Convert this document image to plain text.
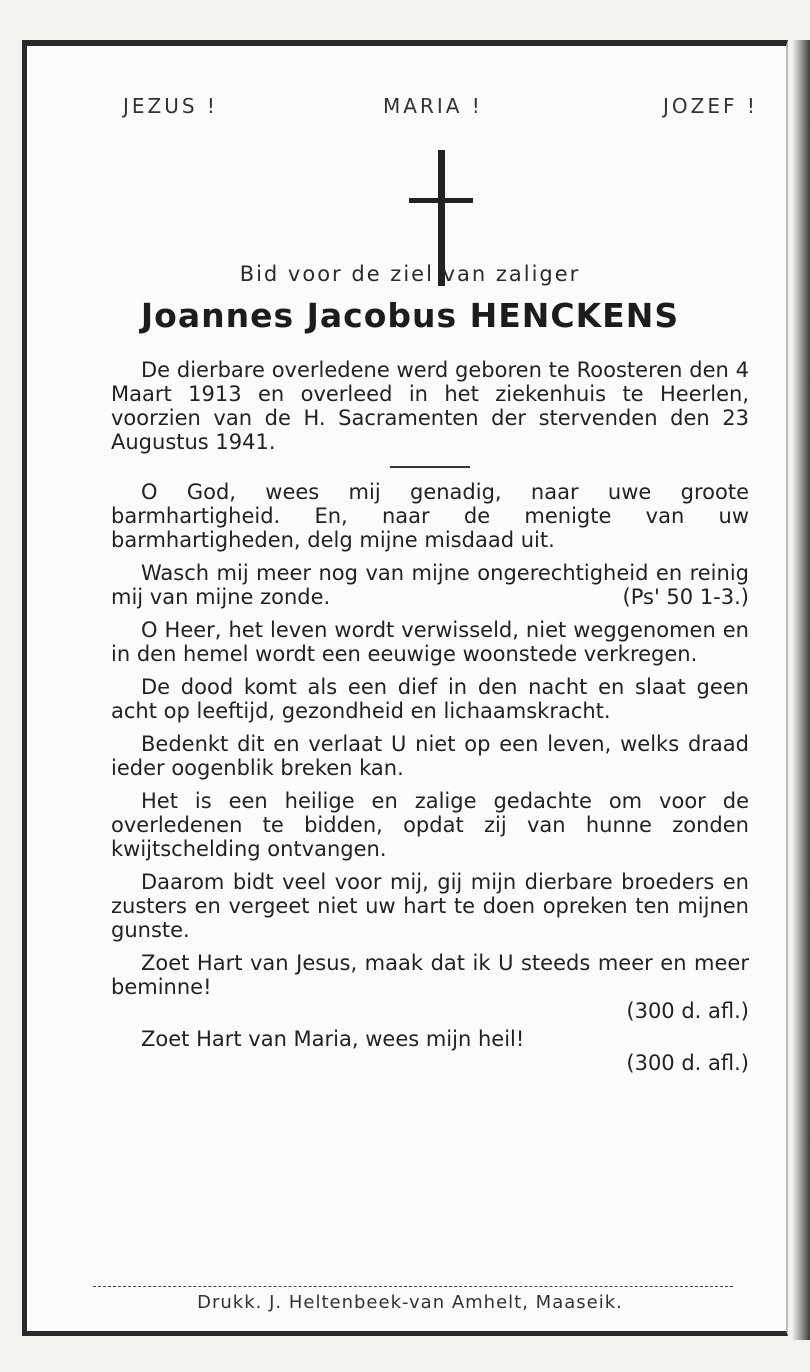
JEZUS !	MARIA !	JOZEF !
Bid voor de ziel van zaliger
Joannes Jacobus HENCKENS

De dierbare overledene werd geboren te Roosteren den 4 Maart 1913 en overleed in het ziekenhuis te Heerlen, voorzien van de H. Sacramenten der stervenden den 23 Augustus 1941.

O God, wees mij genadig, naar uwe groote barmhartigheid. En, naar de menigte van uw barmhartigheden, delg mijne misdaad uit.

Wasch mij meer nog van mijne ongerechtigheid en reinig mij van mijne zonde.	(Ps' 50 1-3.)

O Heer, het leven wordt verwisseld, niet weggenomen en in den hemel wordt een eeuwige woonstede verkregen.

De dood komt als een dief in den nacht en slaat geen acht op leeftijd, gezondheid en lichaamskracht.

Bedenkt dit en verlaat U niet op een leven, welks draad ieder oogenblik breken kan.

Het is een heilige en zalige gedachte om voor de overledenen te bidden, opdat zij van hunne zonden kwijtschelding ontvangen.

Daarom bidt veel voor mij, gij mijn dierbare broeders en zusters en vergeet niet uw hart te doen opreken ten mijnen gunste.

Zoet Hart van Jesus, maak dat ik U steeds meer en meer beminne!

(300 d. afl.)

Zoet Hart van Maria, wees mijn heil!

(300 d. afl.)
Drukk. J. Heltenbeek-van Amhelt, Maaseik.
